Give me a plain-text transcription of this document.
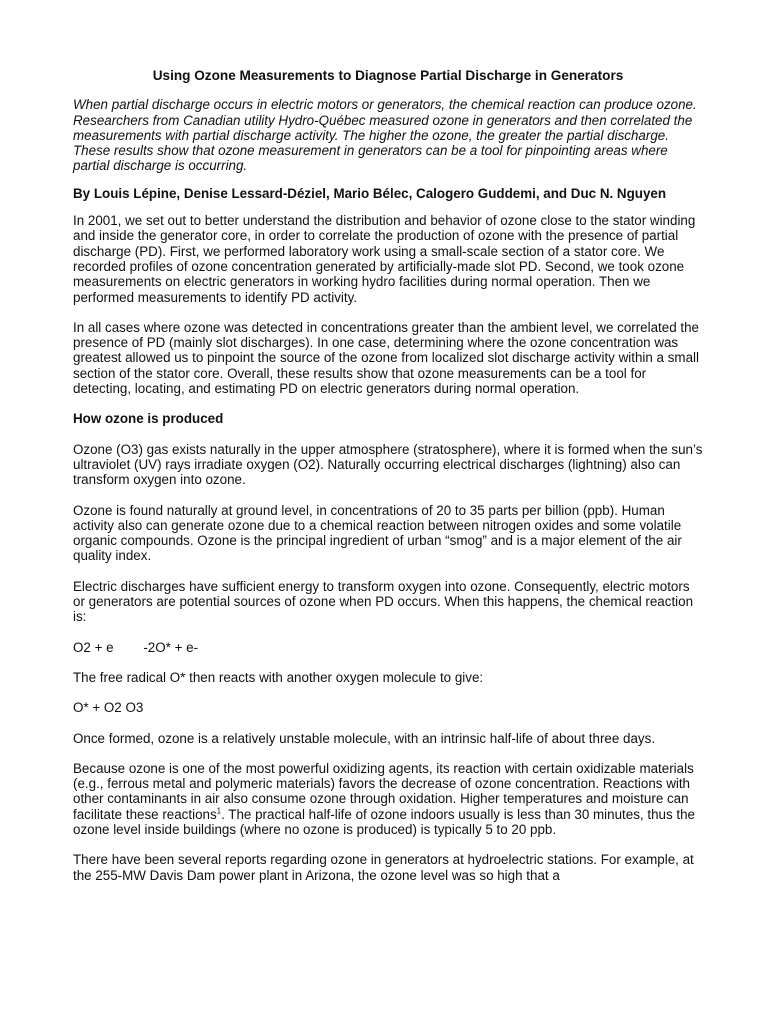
Using Ozone Measurements to Diagnose Partial Discharge in Generators
When partial discharge occurs in electric motors or generators, the chemical reaction can produce ozone. Researchers from Canadian utility Hydro-Québec measured ozone in generators and then correlated the measurements with partial discharge activity. The higher the ozone, the greater the partial discharge. These results show that ozone measurement in generators can be a tool for pinpointing areas where partial discharge is occurring.
By Louis Lépine, Denise Lessard-Déziel, Mario Bélec, Calogero Guddemi, and Duc N. Nguyen

In 2001, we set out to better understand the distribution and behavior of ozone close to the stator winding and inside the generator core, in order to correlate the production of ozone with the presence of partial discharge (PD). First, we performed laboratory work using a small-scale section of a stator core. We recorded profiles of ozone concentration generated by artificially-made slot PD. Second, we took ozone measurements on electric generators in working hydro facilities during normal operation. Then we performed measurements to identify PD activity.

In all cases where ozone was detected in concentrations greater than the ambient level, we correlated the presence of PD (mainly slot discharges). In one case, determining where the ozone concentration was greatest allowed us to pinpoint the source of the ozone from localized slot discharge activity within a small section of the stator core. Overall, these results show that ozone measurements can be a tool for detecting, locating, and estimating PD on electric generators during normal operation.

How ozone is produced

Ozone (O3) gas exists naturally in the upper atmosphere (stratosphere), where it is formed when the sun’s ultraviolet (UV) rays irradiate oxygen (O2). Naturally occurring electrical discharges (lightning) also can transform oxygen into ozone.

Ozone is found naturally at ground level, in concentrations of 20 to 35 parts per billion (ppb). Human activity also can generate ozone due to a chemical reaction between nitrogen oxides and some volatile organic compounds. Ozone is the principal ingredient of urban “smog” and is a major element of the air quality index.

Electric discharges have sufficient energy to transform oxygen into ozone. Consequently, electric motors or generators are potential sources of ozone when PD occurs. When this happens, the chemical reaction is:

O2 + e        -2O* + e-

The free radical O* then reacts with another oxygen molecule to give:

O* + O2 O3

Once formed, ozone is a relatively unstable molecule, with an intrinsic half-life of about three days.

Because ozone is one of the most powerful oxidizing agents, its reaction with certain oxidizable materials (e.g., ferrous metal and polymeric materials) favors the decrease of ozone concentration. Reactions with other contaminants in air also consume ozone through oxidation. Higher temperatures and moisture can facilitate these reactions$^1$. The practical half-life of ozone indoors usually is less than 30 minutes, thus the ozone level inside buildings (where no ozone is produced) is typically 5 to 20 ppb.

There have been several reports regarding ozone in generators at hydroelectric stations. For example, at the 255-MW Davis Dam power plant in Arizona, the ozone level was so high that a
